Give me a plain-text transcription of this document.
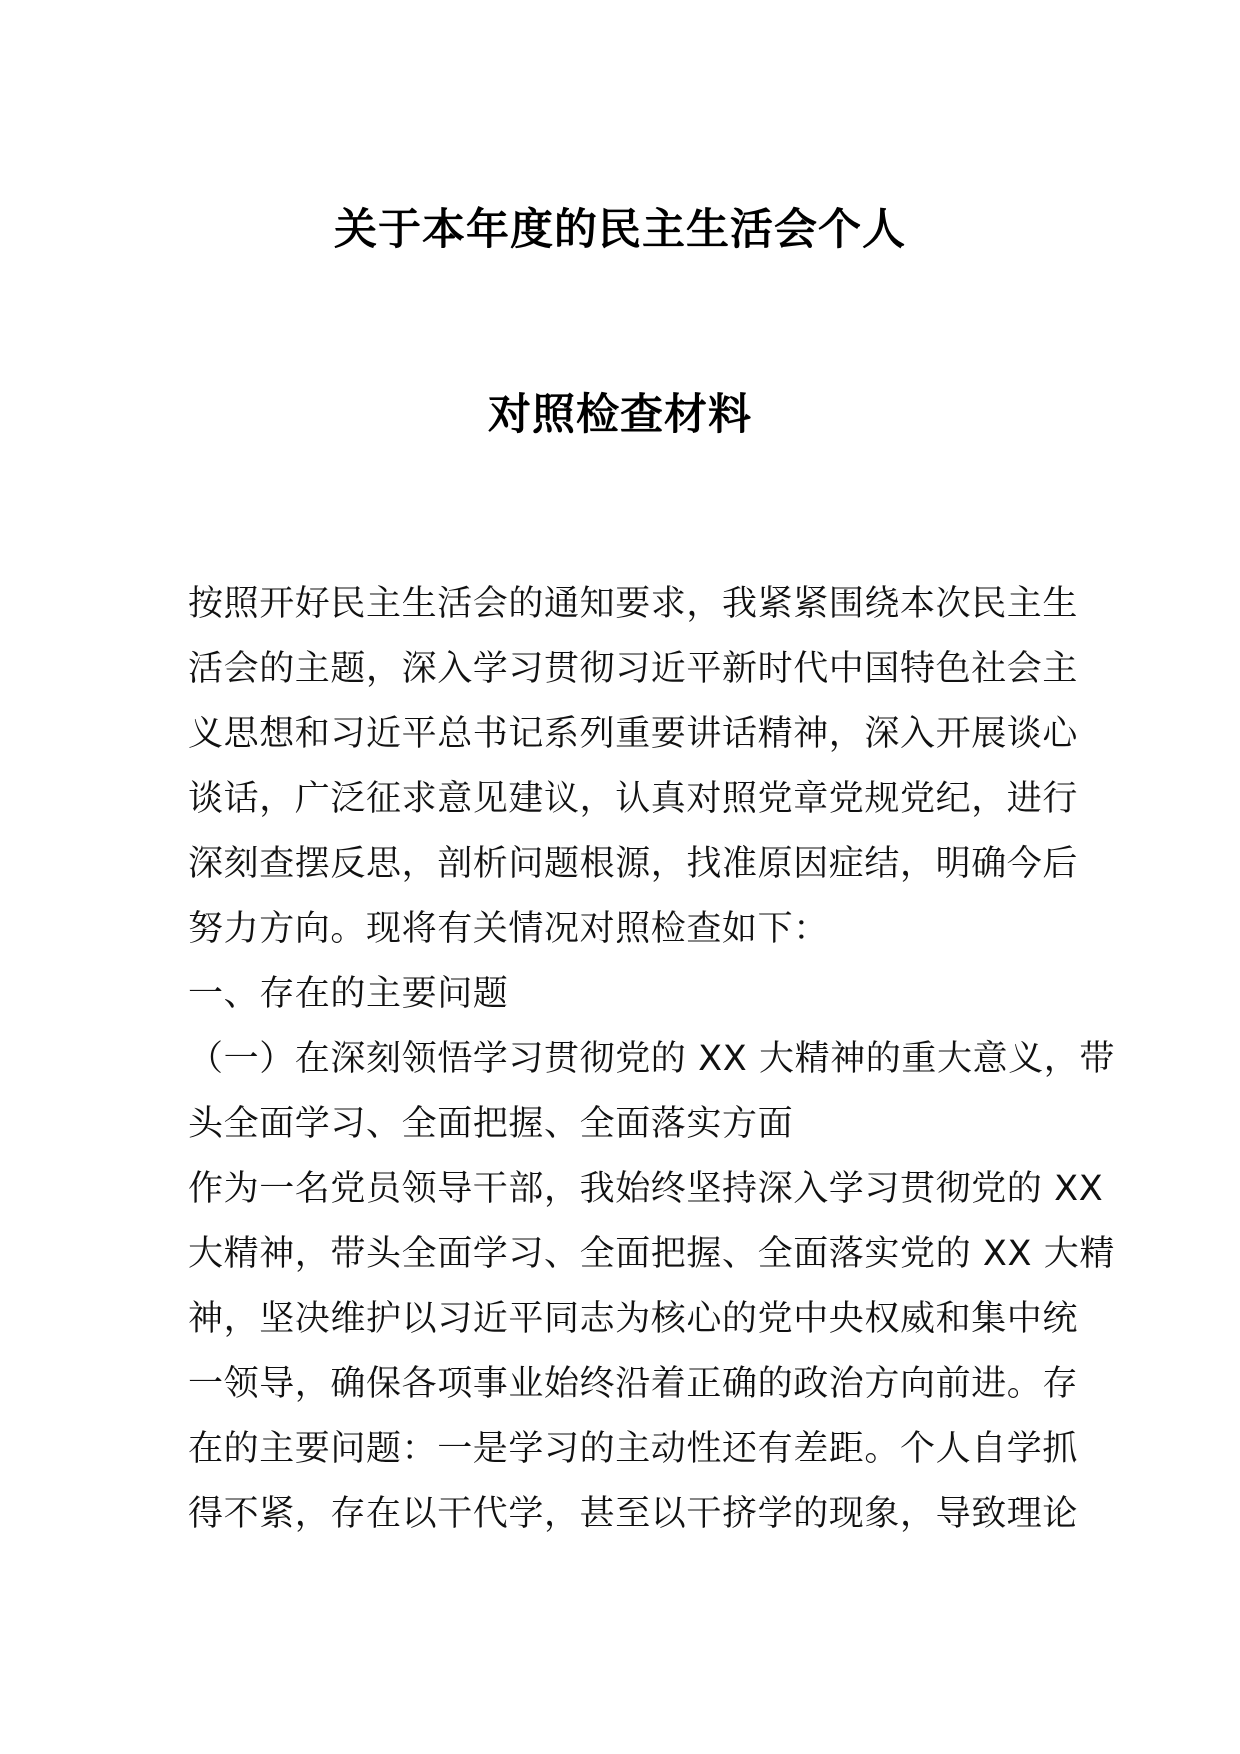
关于本年度的民主生活会个人
对照检查材料
按照开好民主生活会的通知要求，我紧紧围绕本次民主生
活会的主题，深入学习贯彻习近平新时代中国特色社会主
义思想和习近平总书记系列重要讲话精神，深入开展谈心
谈话，广泛征求意见建议，认真对照党章党规党纪，进行
深刻查摆反思，剖析问题根源，找准原因症结，明确今后
努力方向。现将有关情况对照检查如下：
一、存在的主要问题
（一）在深刻领悟学习贯彻党的 XX 大精神的重大意义，带
头全面学习、全面把握、全面落实方面
作为一名党员领导干部，我始终坚持深入学习贯彻党的 XX
大精神，带头全面学习、全面把握、全面落实党的 XX 大精
神，坚决维护以习近平同志为核心的党中央权威和集中统
一领导，确保各项事业始终沿着正确的政治方向前进。存
在的主要问题：一是学习的主动性还有差距。个人自学抓
得不紧，存在以干代学，甚至以干挤学的现象，导致理论
